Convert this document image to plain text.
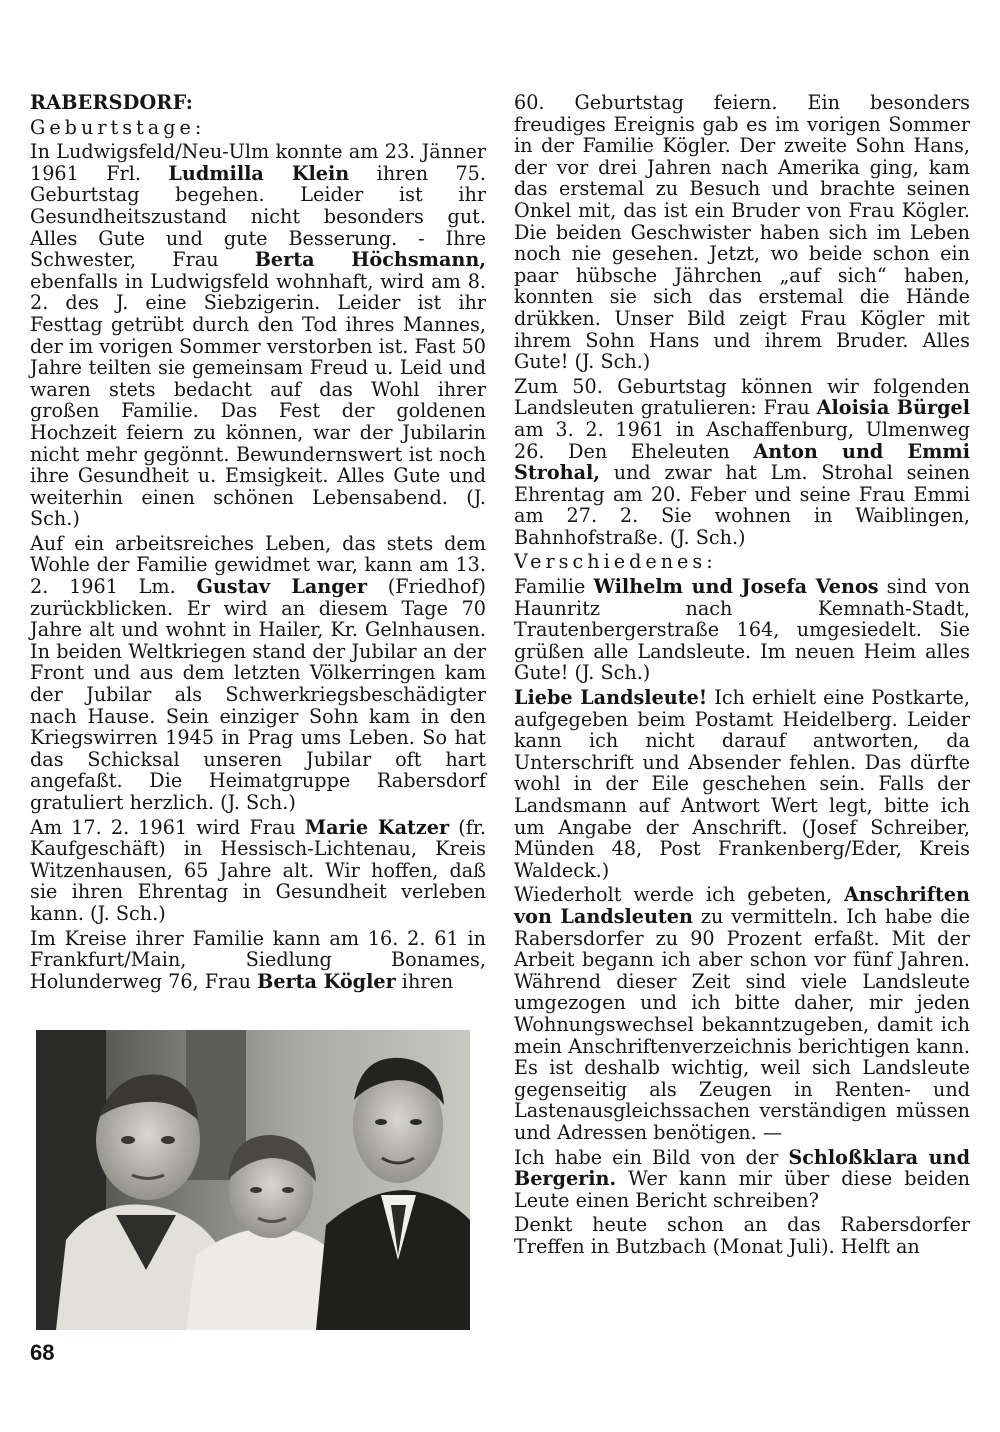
RABERSDORF:

Geburtstage:

In Ludwigsfeld/Neu-Ulm konnte am 23. Jänner 1961 Frl. Ludmilla Klein ihren 75. Geburtstag begehen. Leider ist ihr Gesundheitszustand nicht besonders gut. Alles Gute und gute Besserung. - Ihre Schwester, Frau Berta Höchsmann, ebenfalls in Ludwigsfeld wohnhaft, wird am 8. 2. des J. eine Siebzigerin. Leider ist ihr Festtag getrübt durch den Tod ihres Mannes, der im vorigen Sommer verstorben ist. Fast 50 Jahre teilten sie gemeinsam Freud u. Leid und waren stets bedacht auf das Wohl ihrer großen Familie. Das Fest der goldenen Hochzeit feiern zu können, war der Jubilarin nicht mehr gegönnt. Bewundernswert ist noch ihre Gesundheit u. Emsigkeit. Alles Gute und weiterhin einen schönen Lebensabend. (J. Sch.)

Auf ein arbeitsreiches Leben, das stets dem Wohle der Familie gewidmet war, kann am 13. 2. 1961 Lm. Gustav Langer (Friedhof) zurückblicken. Er wird an diesem Tage 70 Jahre alt und wohnt in Hailer, Kr. Gelnhausen. In beiden Weltkriegen stand der Jubilar an der Front und aus dem letzten Völkerringen kam der Jubilar als Schwerkriegsbeschädigter nach Hause. Sein einziger Sohn kam in den Kriegswirren 1945 in Prag ums Leben. So hat das Schicksal unseren Jubilar oft hart angefaßt. Die Heimatgruppe Rabersdorf gratuliert herzlich. (J. Sch.)

Am 17. 2. 1961 wird Frau Marie Katzer (fr. Kaufgeschäft) in Hessisch-Lichtenau, Kreis Witzenhausen, 65 Jahre alt. Wir hoffen, daß sie ihren Ehrentag in Gesundheit verleben kann. (J. Sch.)

Im Kreise ihrer Familie kann am 16. 2. 61 in Frankfurt/Main, Siedlung Bonames, Holunderweg 76, Frau Berta Kögler ihren

60. Geburtstag feiern. Ein besonders freudiges Ereignis gab es im vorigen Sommer in der Familie Kögler. Der zweite Sohn Hans, der vor drei Jahren nach Amerika ging, kam das erstemal zu Besuch und brachte seinen Onkel mit, das ist ein Bruder von Frau Kögler. Die beiden Geschwister haben sich im Leben noch nie gesehen. Jetzt, wo beide schon ein paar hübsche Jährchen „auf sich“ haben, konnten sie sich das erstemal die Hände drükken. Unser Bild zeigt Frau Kögler mit ihrem Sohn Hans und ihrem Bruder. Alles Gute! (J. Sch.)

Zum 50. Geburtstag können wir folgenden Landsleuten gratulieren: Frau Aloisia Bürgel am 3. 2. 1961 in Aschaffenburg, Ulmenweg 26. Den Eheleuten Anton und Emmi Strohal, und zwar hat Lm. Strohal seinen Ehrentag am 20. Feber und seine Frau Emmi am 27. 2. Sie wohnen in Waiblingen, Bahnhofstraße. (J. Sch.)

Verschiedenes:

Familie Wilhelm und Josefa Venos sind von Haunritz nach Kemnath-Stadt, Trautenbergerstraße 164, umgesiedelt. Sie grüßen alle Landsleute. Im neuen Heim alles Gute! (J. Sch.)

Liebe Landsleute! Ich erhielt eine Postkarte, aufgegeben beim Postamt Heidelberg. Leider kann ich nicht darauf antworten, da Unterschrift und Absender fehlen. Das dürfte wohl in der Eile geschehen sein. Falls der Landsmann auf Antwort Wert legt, bitte ich um Angabe der Anschrift. (Josef Schreiber, Münden 48, Post Frankenberg/Eder, Kreis Waldeck.)

Wiederholt werde ich gebeten, Anschriften von Landsleuten zu vermitteln. Ich habe die Rabersdorfer zu 90 Prozent erfaßt. Mit der Arbeit begann ich aber schon vor fünf Jahren. Während dieser Zeit sind viele Landsleute umgezogen und ich bitte daher, mir jeden Wohnungswechsel bekanntzugeben, damit ich mein Anschriftenverzeichnis berichtigen kann. Es ist deshalb wichtig, weil sich Landsleute gegenseitig als Zeugen in Renten- und Lastenausgleichssachen verständigen müssen und Adressen benötigen. —

Ich habe ein Bild von der Schloßklara und Bergerin. Wer kann mir über diese beiden Leute einen Bericht schreiben?

Denkt heute schon an das Rabersdorfer Treffen in Butzbach (Monat Juli). Helft an

68
